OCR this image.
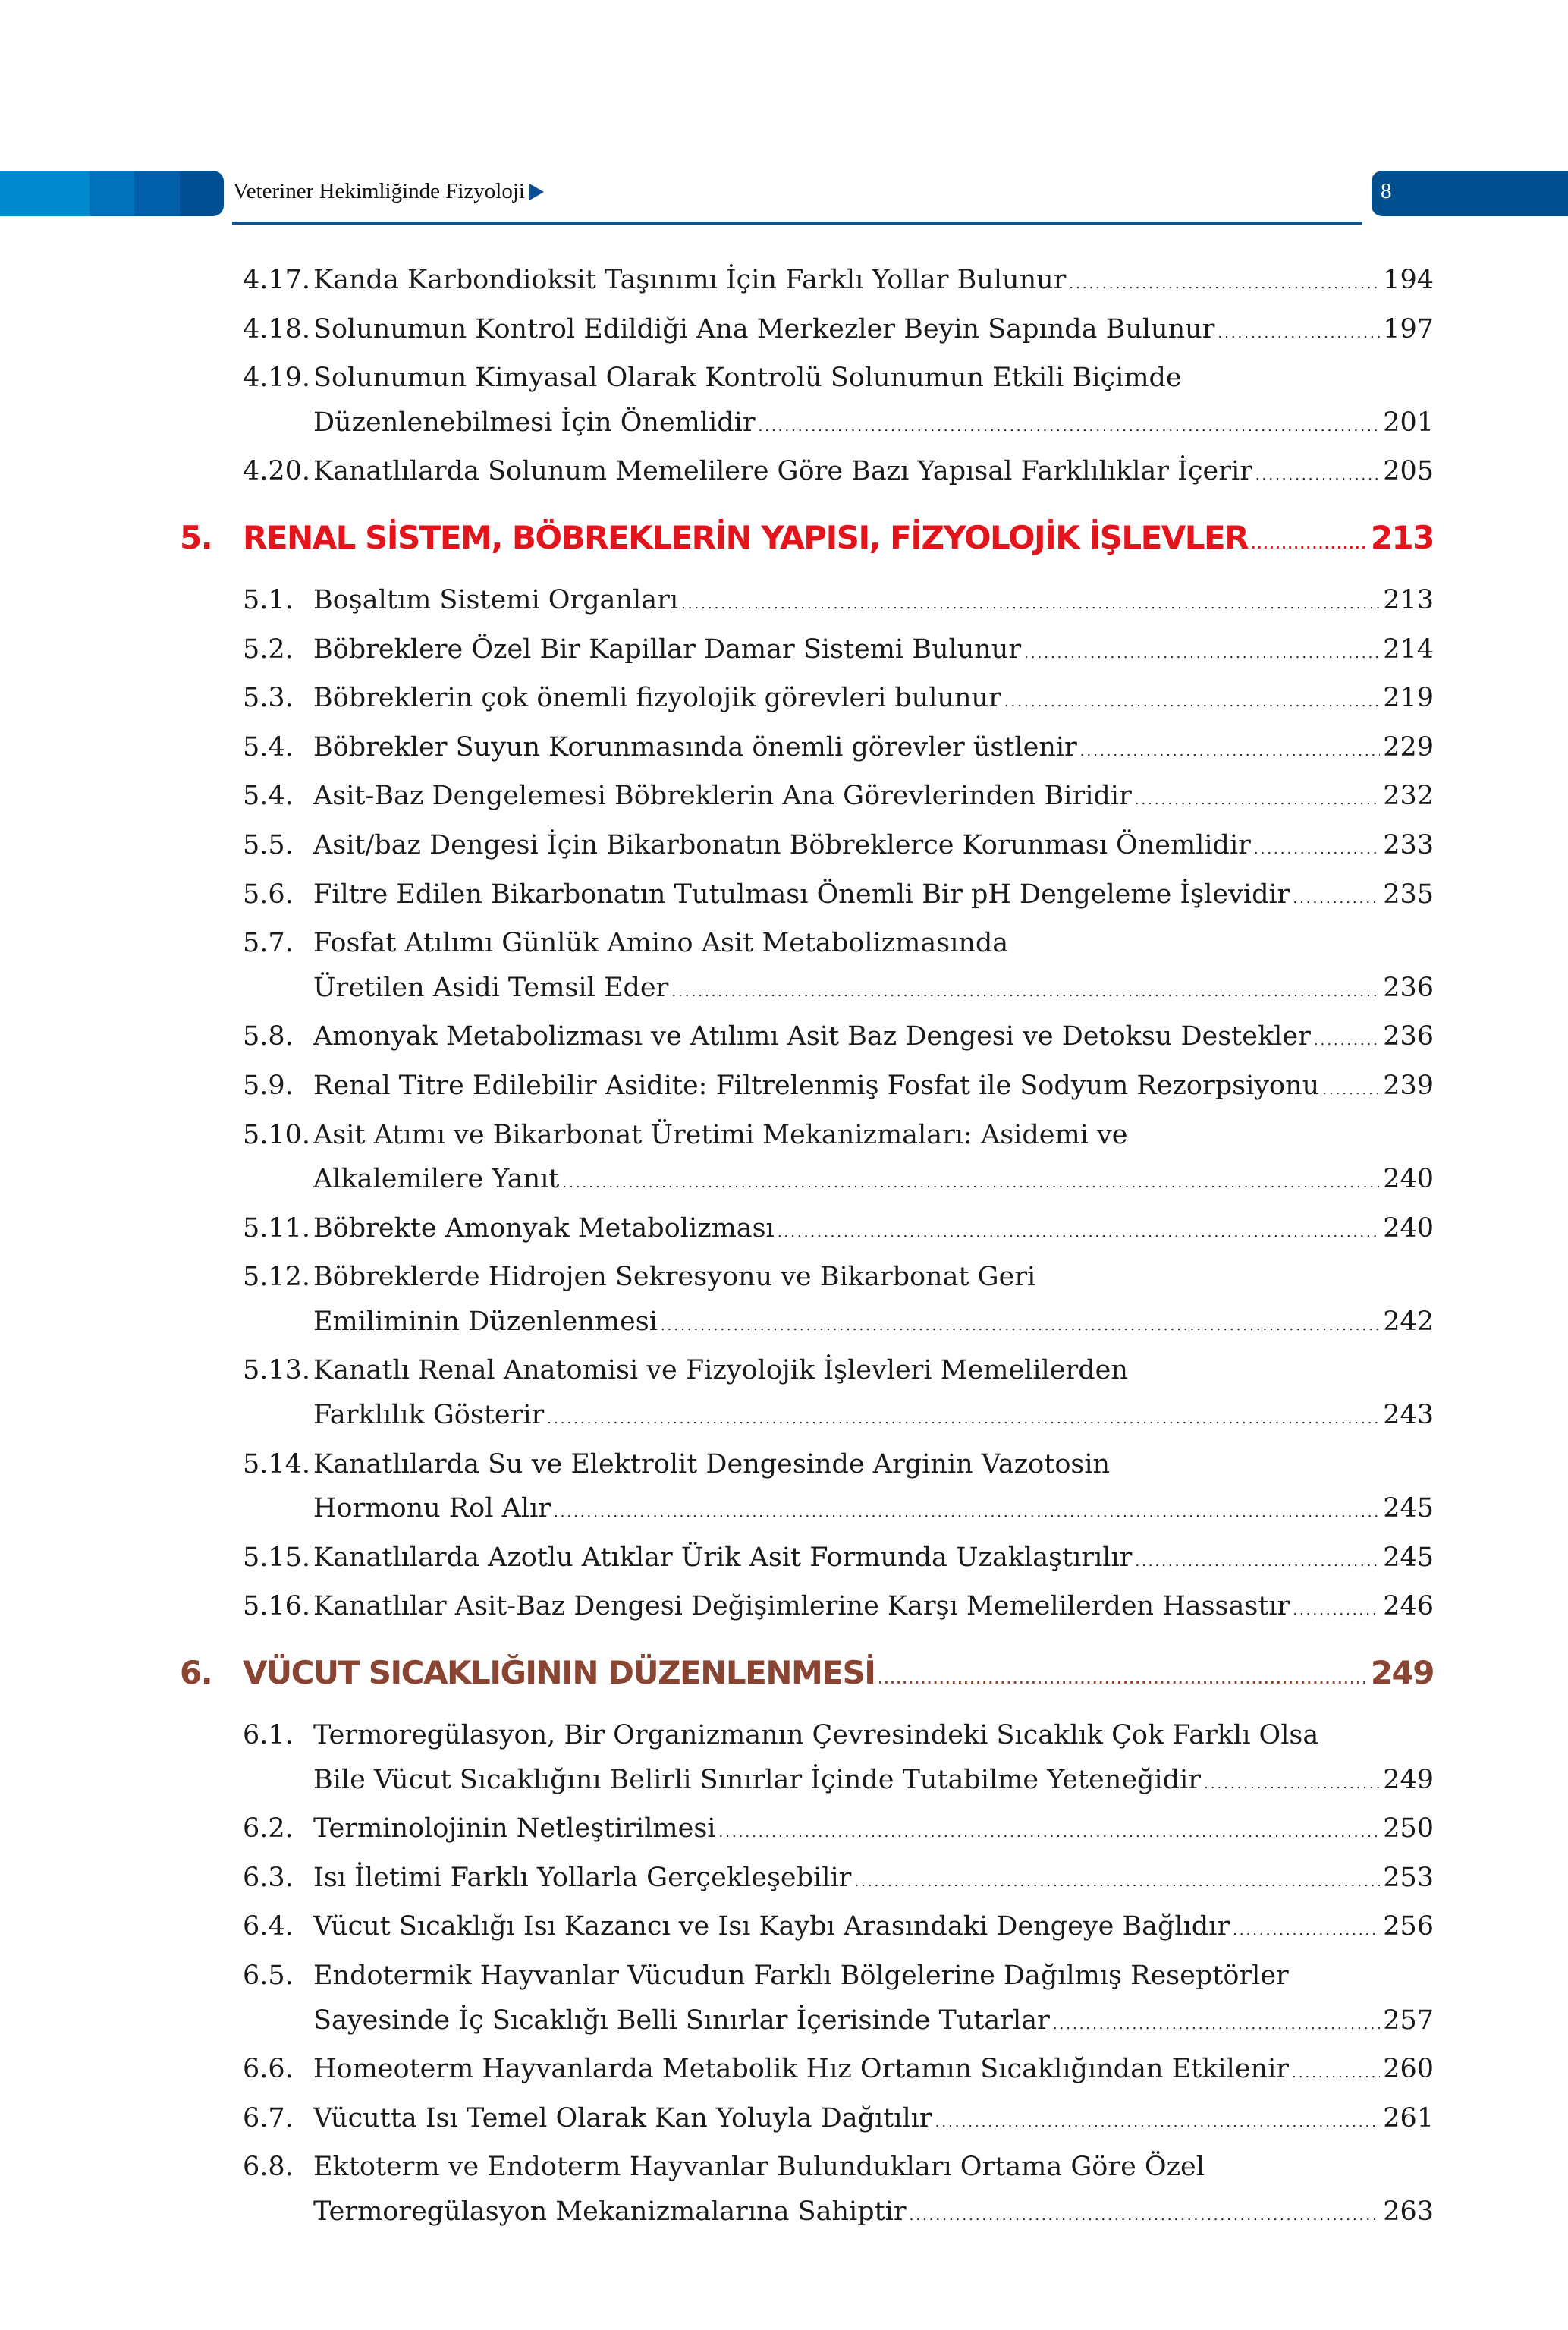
Veteriner Hekimliğinde Fizyoloji	8
4.17. Kanda Karbondioksit Taşınımı İçin Farklı Yollar Bulunur .....	194
4.18. Solunumun Kontrol Edildiği Ana Merkezler Beyin Sapında Bulunur .....	197
4.19. Solunumun Kimyasal Olarak Kontrolü Solunumun Etkili Biçimde
Düzenlenebilmesi İçin Önemlidir .....	201
4.20. Kanatlılarda Solunum Memelilere Göre Bazı Yapısal Farklılıklar İçerir .....	205
5. RENAL SİSTEM, BÖBREKLERİN YAPISI, FİZYOLOJİK İŞLEVLER .....	213
5.1. Boşaltım Sistemi Organları .....	213
5.2. Böbreklere Özel Bir Kapillar Damar Sistemi Bulunur .....	214
5.3. Böbreklerin çok önemli fizyolojik görevleri bulunur .....	219
5.4. Böbrekler Suyun Korunmasında önemli görevler üstlenir .....	229
5.4. Asit-Baz Dengelemesi Böbreklerin Ana Görevlerinden Biridir .....	232
5.5. Asit/baz Dengesi İçin Bikarbonatın Böbreklerce Korunması Önemlidir .....	233
5.6. Filtre Edilen Bikarbonatın Tutulması Önemli Bir pH Dengeleme İşlevidir .....	235
5.7. Fosfat Atılımı Günlük Amino Asit Metabolizmasında
Üretilen Asidi Temsil Eder .....	236
5.8. Amonyak Metabolizması ve Atılımı Asit Baz Dengesi ve Detoksu Destekler .....	236
5.9. Renal Titre Edilebilir Asidite: Filtrelenmiş Fosfat ile Sodyum Rezorpsiyonu ..... 239
5.10. Asit Atımı ve Bikarbonat Üretimi Mekanizmaları: Asidemi ve
Alkalemilere Yanıt .....	240
5.11. Böbrekte Amonyak Metabolizması .....	240
5.12. Böbreklerde Hidrojen Sekresyonu ve Bikarbonat Geri
Emiliminin Düzenlenmesi .....	242
5.13. Kanatlı Renal Anatomisi ve Fizyolojik İşlevleri Memelilerden
Farklılık Gösterir .....	243
5.14. Kanatlılarda Su ve Elektrolit Dengesinde Arginin Vazotosin
Hormonu Rol Alır .....	245
5.15. Kanatlılarda Azotlu Atıklar Ürik Asit Formunda Uzaklaştırılır .....	245
5.16. Kanatlılar Asit-Baz Dengesi Değişimlerine Karşı Memelilerden Hassastır .....	246
6. VÜCUT SICAKLIĞININ DÜZENLENMESİ .....	249
6.1. Termoregülasyon, Bir Organizmanın Çevresindeki Sıcaklık Çok Farklı Olsa
Bile Vücut Sıcaklığını Belirli Sınırlar İçinde Tutabilme Yeteneğidir .....	249
6.2. Terminolojinin Netleştirilmesi .....	250
6.3. Isı İletimi Farklı Yollarla Gerçekleşebilir .....	253
6.4. Vücut Sıcaklığı Isı Kazancı ve Isı Kaybı Arasındaki Dengeye Bağlıdır .....	256
6.5. Endotermik Hayvanlar Vücudun Farklı Bölgelerine Dağılmış Reseptörler
Sayesinde İç Sıcaklığı Belli Sınırlar İçerisinde Tutarlar .....	257
6.6. Homeoterm Hayvanlarda Metabolik Hız Ortamın Sıcaklığından Etkilenir .....	260
6.7. Vücutta Isı Temel Olarak Kan Yoluyla Dağıtılır .....	261
6.8. Ektoterm ve Endoterm Hayvanlar Bulundukları Ortama Göre Özel
Termoregülasyon Mekanizmalarına Sahiptir .....	263
